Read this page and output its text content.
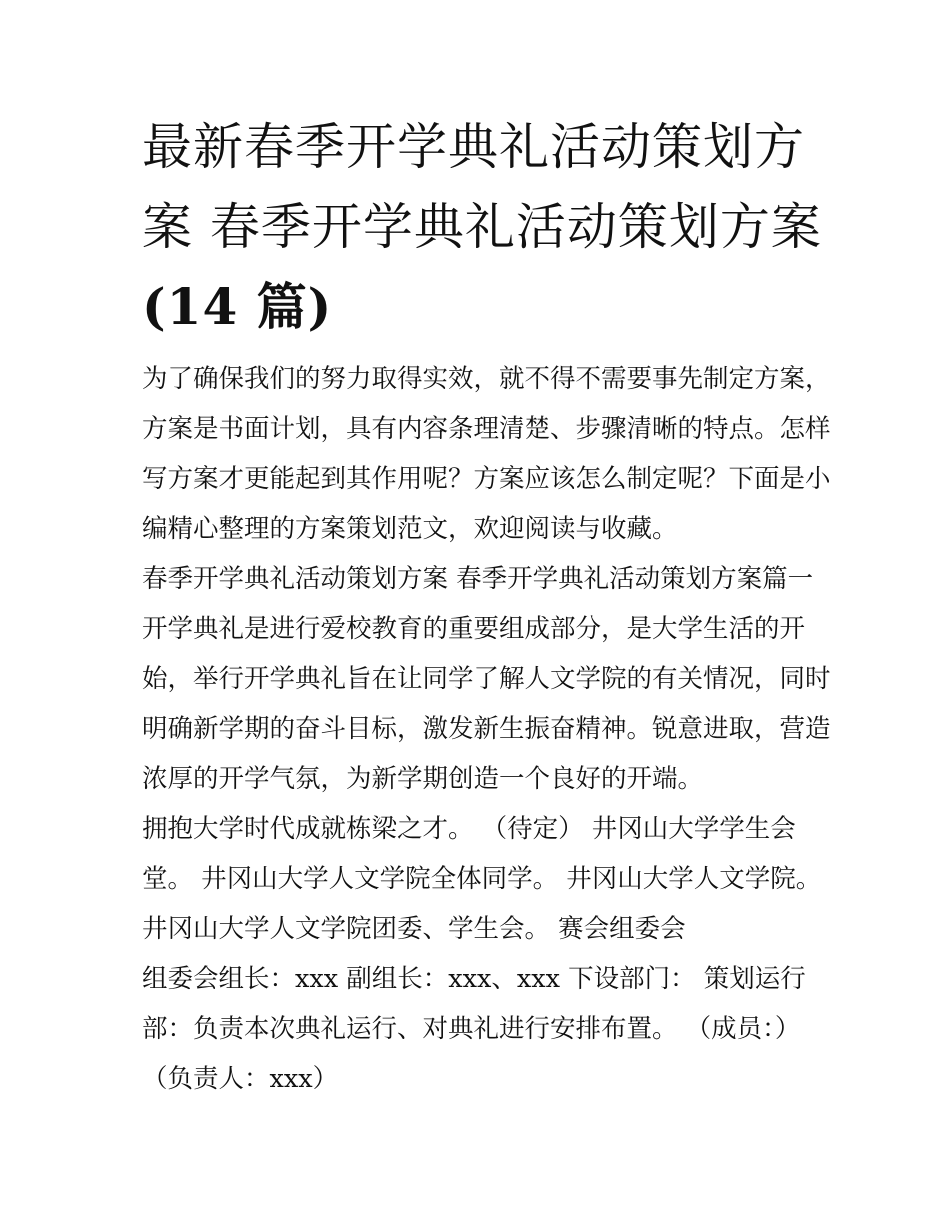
最新春季开学典礼活动策划方
案 春季开学典礼活动策划方案
(14 篇)
为了确保我们的努力取得实效，就不得不需要事先制定方案，
方案是书面计划，具有内容条理清楚、步骤清晰的特点。怎样
写方案才更能起到其作用呢？方案应该怎么制定呢？下面是小
编精心整理的方案策划范文，欢迎阅读与收藏。
春季开学典礼活动策划方案 春季开学典礼活动策划方案篇一
开学典礼是进行爱校教育的重要组成部分，是大学生活的开
始，举行开学典礼旨在让同学了解人文学院的有关情况，同时
明确新学期的奋斗目标，激发新生振奋精神。锐意进取，营造
浓厚的开学气氛，为新学期创造一个良好的开端。
拥抱大学时代成就栋梁之才。 （待定） 井冈山大学学生会
堂。 井冈山大学人文学院全体同学。 井冈山大学人文学院。
井冈山大学人文学院团委、学生会。 赛会组委会
组委会组长：xxx 副组长：xxx、xxx 下设部门： 策划运行
部：负责本次典礼运行、对典礼进行安排布置。 （成员：）
（负责人：xxx）
